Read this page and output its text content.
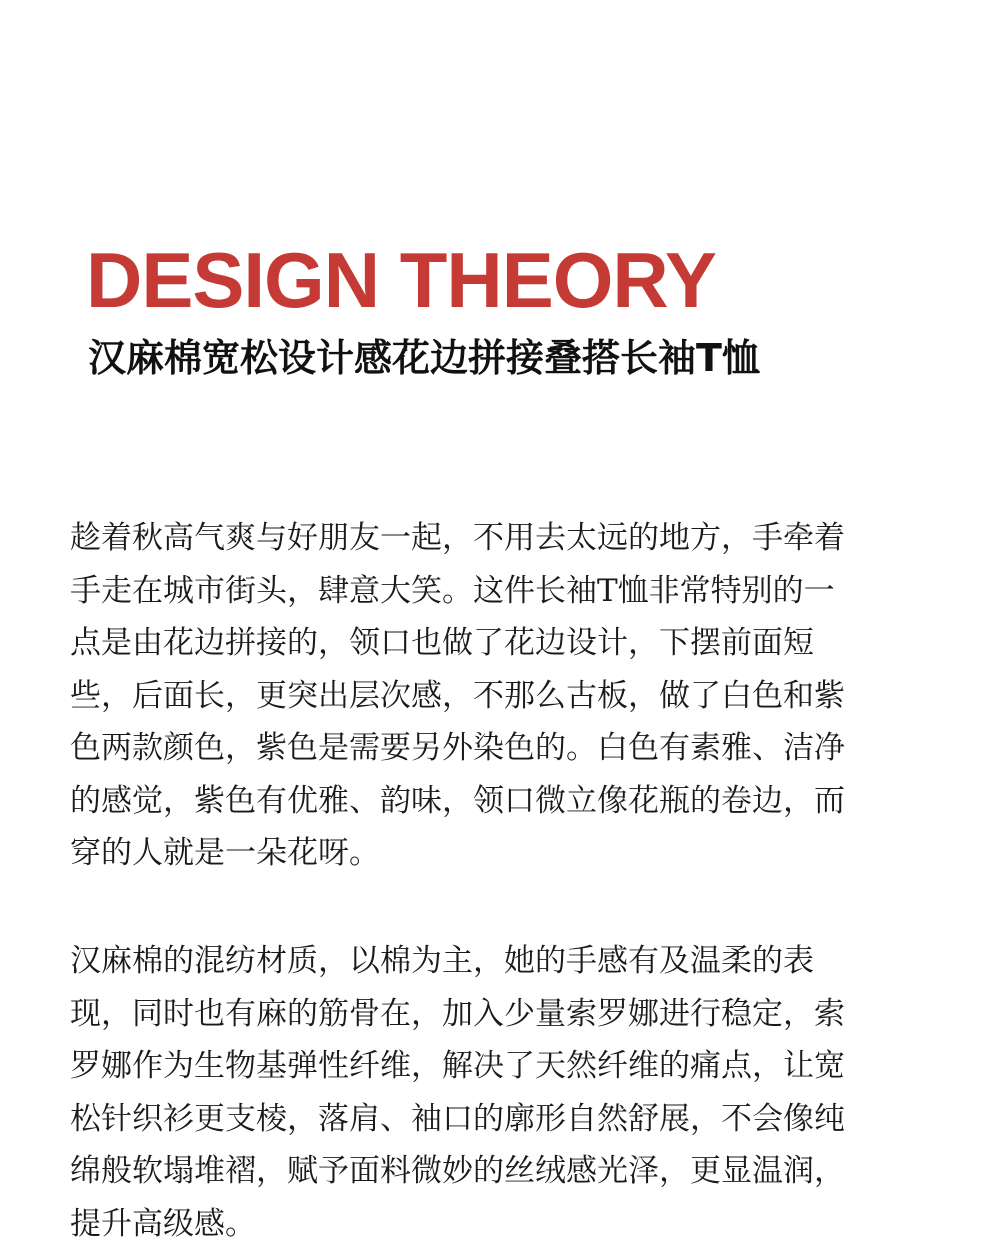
DESIGN THEORY
汉麻棉宽松设计感花边拼接叠搭长袖T恤

趁着秋高气爽与好朋友一起，不用去太远的地方，手牵着
手走在城市街头，肆意大笑。这件长袖T恤非常特别的一
点是由花边拼接的，领口也做了花边设计，下摆前面短
些，后面长，更突出层次感，不那么古板，做了白色和紫
色两款颜色，紫色是需要另外染色的。白色有素雅、洁净
的感觉，紫色有优雅、韵味，领口微立像花瓶的卷边，而
穿的人就是一朵花呀。

汉麻棉的混纺材质，以棉为主，她的手感有及温柔的表
现，同时也有麻的筋骨在，加入少量索罗娜进行稳定，索
罗娜作为生物基弹性纤维，解决了天然纤维的痛点，让宽
松针织衫更支棱，落肩、袖口的廓形自然舒展，不会像纯
绵般软塌堆褶，赋予面料微妙的丝绒感光泽，更显温润，
提升高级感。
